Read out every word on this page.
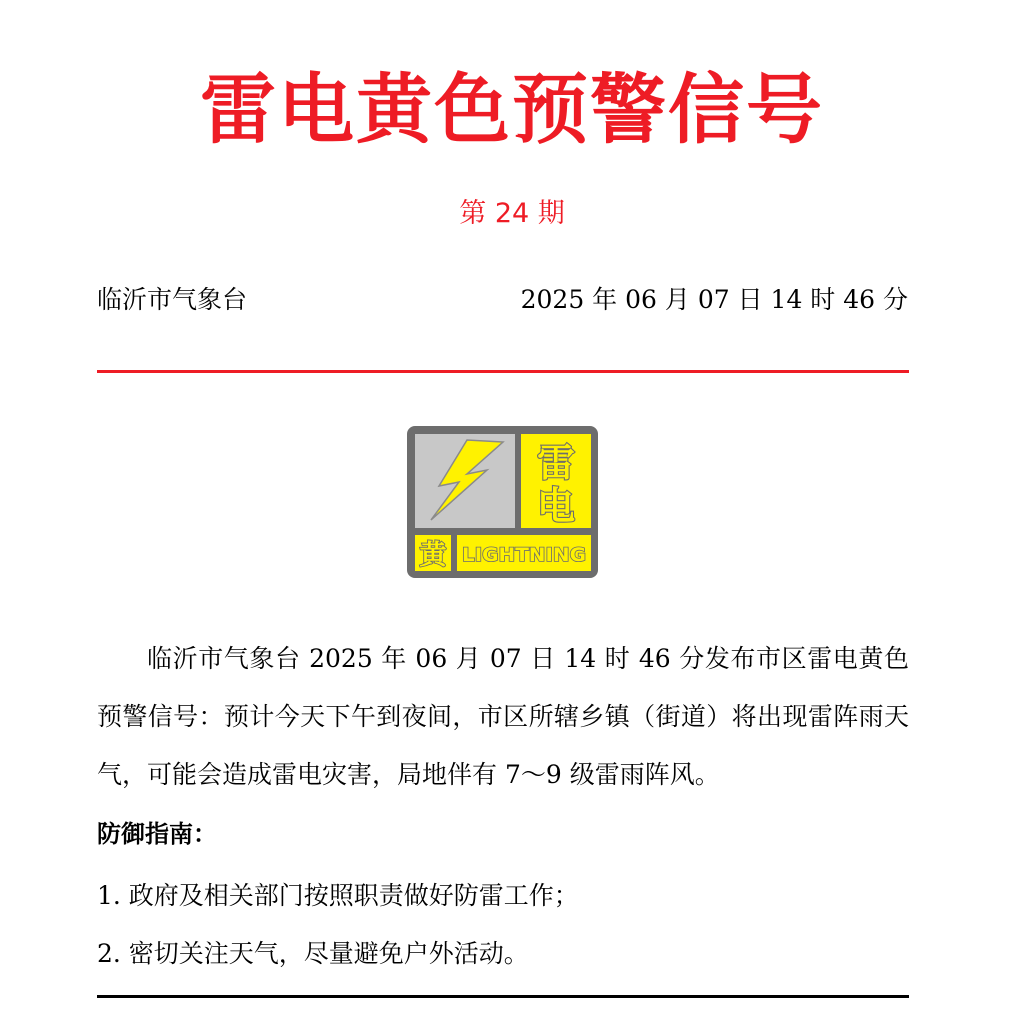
雷电黄色预警信号
第 24 期
临沂市气象台	2025 年 06 月 07 日 14 时 46 分
雷
电
黄 LIGHTNING

临沂市气象台 2025 年 06 月 07 日 14 时 46 分发布市区雷电黄色预警信号：预计今天下午到夜间，市区所辖乡镇（街道）将出现雷阵雨天气，可能会造成雷电灾害，局地伴有 7～9 级雷雨阵风。

防御指南：
1. 政府及相关部门按照职责做好防雷工作；
2. 密切关注天气，尽量避免户外活动。
